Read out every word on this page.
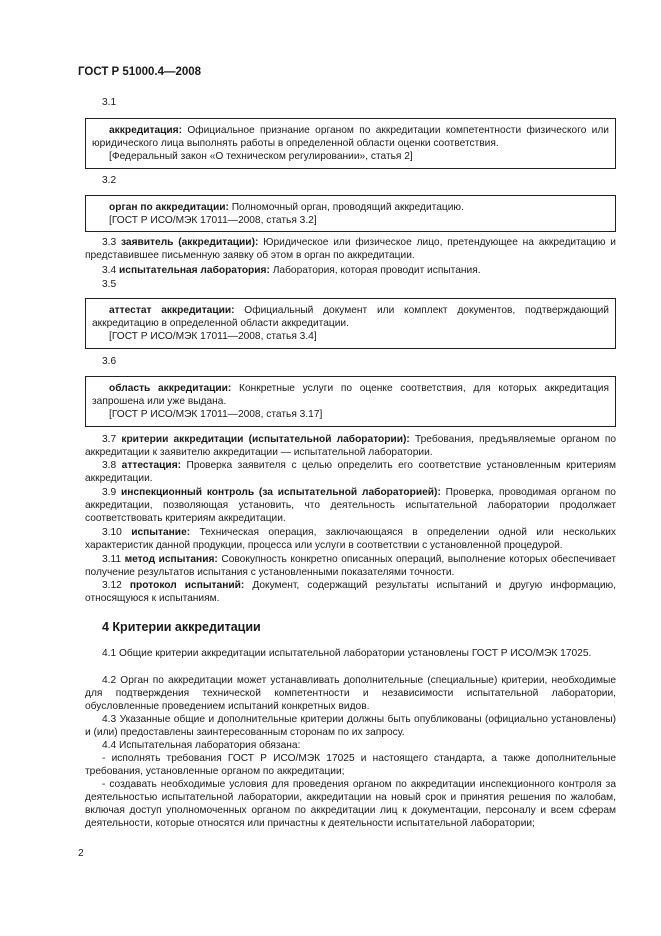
ГОСТ Р 51000.4—2008
3.1

аккредитация: Официальное признание органом по аккредитации компетентности физического или юридического лица выполнять работы в определенной области оценки соответствия.

[Федеральный закон «О техническом регулировании», статья 2]

3.2

орган по аккредитации: Полномочный орган, проводящий аккредитацию.

[ГОСТ Р ИСО/МЭК 17011—2008, статья 3.2]

3.3 заявитель (аккредитации): Юридическое или физическое лицо, претендующее на аккредитацию и представившее письменную заявку об этом в орган по аккредитации.
3.4 испытательная лаборатория: Лаборатория, которая проводит испытания.
3.5

аттестат аккредитации: Официальный документ или комплект документов, подтверждающий аккредитацию в определенной области аккредитации.

[ГОСТ Р ИСО/МЭК 17011—2008, статья 3.4]

3.6

область аккредитации: Конкретные услуги по оценке соответствия, для которых аккредитация запрошена или уже выдана.

[ГОСТ Р ИСО/МЭК 17011—2008, статья 3.17]

3.7 критерии аккредитации (испытательной лаборатории): Требования, предъявляемые органом по аккредитации к заявителю аккредитации — испытательной лаборатории.
3.8 аттестация: Проверка заявителя с целью определить его соответствие установленным критериям аккредитации.
3.9 инспекционный контроль (за испытательной лабораторией): Проверка, проводимая органом по аккредитации, позволяющая установить, что деятельность испытательной лаборатории продолжает соответствовать критериям аккредитации.
3.10 испытание: Техническая операция, заключающаяся в определении одной или нескольких характеристик данной продукции, процесса или услуги в соответствии с установленной процедурой.
3.11 метод испытания: Совокупность конкретно описанных операций, выполнение которых обеспечивает получение результатов испытания с установленными показателями точности.
3.12 протокол испытаний: Документ, содержащий результаты испытаний и другую информацию, относящуюся к испытаниям.
4 Критерии аккредитации
4.1 Общие критерии аккредитации испытательной лаборатории установлены ГОСТ Р ИСО/МЭК 17025.
4.2 Орган по аккредитации может устанавливать дополнительные (специальные) критерии, необходимые для подтверждения технической компетентности и независимости испытательной лаборатории, обусловленные проведением испытаний конкретных видов.
4.3 Указанные общие и дополнительные критерии должны быть опубликованы (официально установлены) и (или) предоставлены заинтересованным сторонам по их запросу.
4.4 Испытательная лаборатория обязана:
- исполнять требования ГОСТ Р ИСО/МЭК 17025 и настоящего стандарта, а также дополнительные требования, установленные органом по аккредитации;
- создавать необходимые условия для проведения органом по аккредитации инспекционного контроля за деятельностью испытательной лаборатории, аккредитации на новый срок и принятия решения по жалобам, включая доступ уполномоченных органом по аккредитации лиц к документации, персоналу и всем сферам деятельности, которые относятся или причастны к деятельности испытательной лаборатории;
2
